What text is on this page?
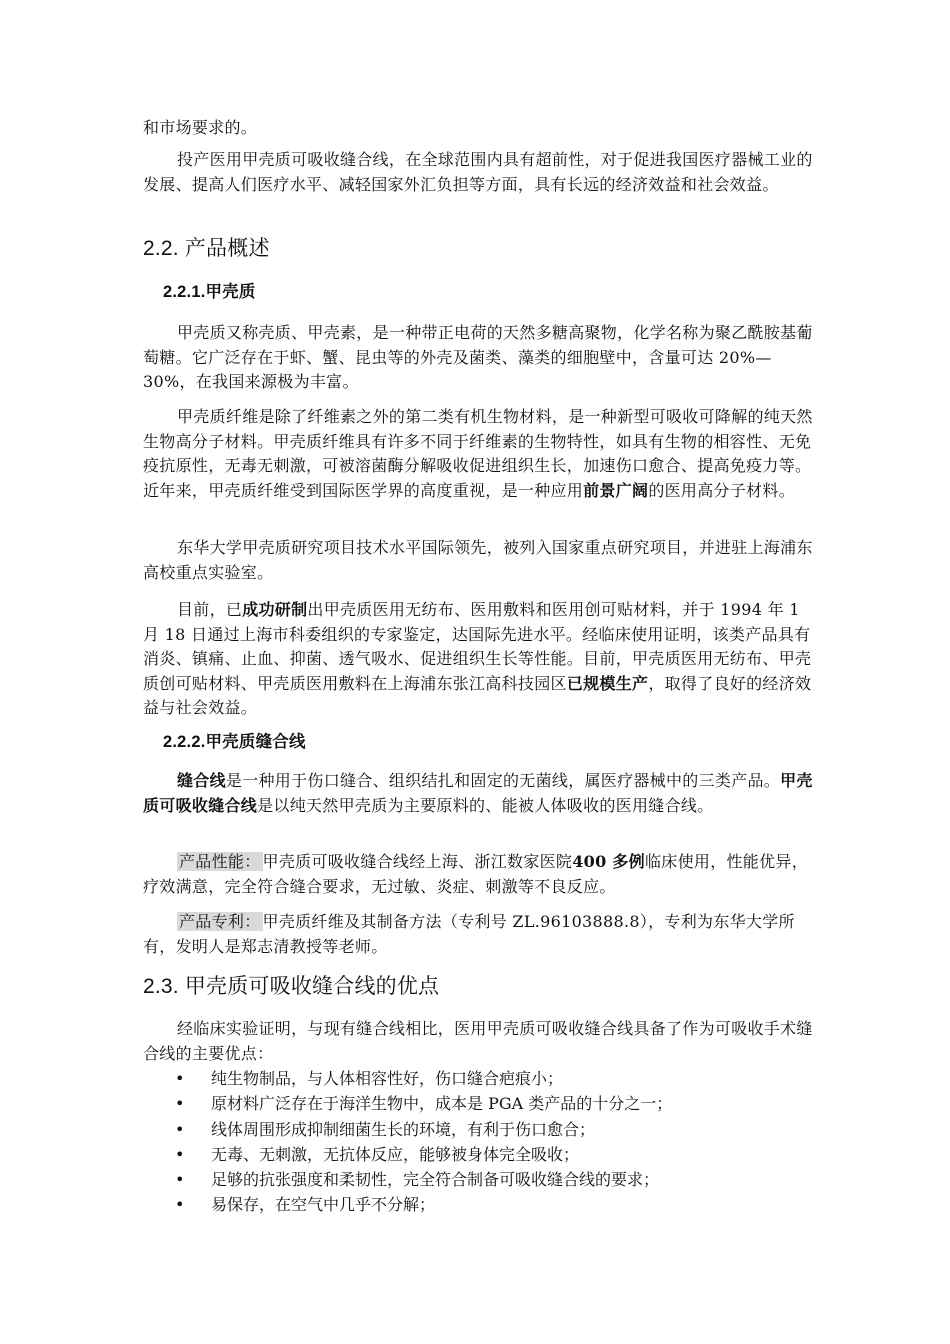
和市场要求的。

投产医用甲壳质可吸收缝合线，在全球范围内具有超前性，对于促进我国医疗器械工业的发展、提高人们医疗水平、减轻国家外汇负担等方面，具有长远的经济效益和社会效益。

2.2. 产品概述
2.2.1.甲壳质

甲壳质又称壳质、甲壳素，是一种带正电荷的天然多糖高聚物，化学名称为聚乙酰胺基葡萄糖。它广泛存在于虾、蟹、昆虫等的外壳及菌类、藻类的细胞壁中，含量可达 20%—30%，在我国来源极为丰富。

甲壳质纤维是除了纤维素之外的第二类有机生物材料，是一种新型可吸收可降解的纯天然生物高分子材料。甲壳质纤维具有许多不同于纤维素的生物特性，如具有生物的相容性、无免疫抗原性，无毒无刺激，可被溶菌酶分解吸收促进组织生长，加速伤口愈合、提高免疫力等。近年来，甲壳质纤维受到国际医学界的高度重视，是一种应用前景广阔的医用高分子材料。

东华大学甲壳质研究项目技术水平国际领先，被列入国家重点研究项目，并进驻上海浦东高校重点实验室。

目前，已成功研制出甲壳质医用无纺布、医用敷料和医用创可贴材料，并于 1994 年 1 月 18 日通过上海市科委组织的专家鉴定，达国际先进水平。经临床使用证明，该类产品具有消炎、镇痛、止血、抑菌、透气吸水、促进组织生长等性能。目前，甲壳质医用无纺布、甲壳质创可贴材料、甲壳质医用敷料在上海浦东张江高科技园区已规模生产，取得了良好的经济效益与社会效益。

2.2.2.甲壳质缝合线

缝合线是一种用于伤口缝合、组织结扎和固定的无菌线，属医疗器械中的三类产品。甲壳质可吸收缝合线是以纯天然甲壳质为主要原料的、能被人体吸收的医用缝合线。

产品性能： 甲壳质可吸收缝合线经上海、浙江数家医院400 多例临床使用，性能优异，疗效满意，完全符合缝合要求，无过敏、炎症、刺激等不良反应。

产品专利： 甲壳质纤维及其制备方法（专利号 ZL.96103888.8），专利为东华大学所有，发明人是郑志清教授等老师。

2.3. 甲壳质可吸收缝合线的优点

经临床实验证明，与现有缝合线相比，医用甲壳质可吸收缝合线具备了作为可吸收手术缝合线的主要优点：

• 纯生物制品，与人体相容性好，伤口缝合疤痕小；
• 原材料广泛存在于海洋生物中，成本是 PGA 类产品的十分之一；
• 线体周围形成抑制细菌生长的环境，有利于伤口愈合；
• 无毒、无刺激，无抗体反应，能够被身体完全吸收；
• 足够的抗张强度和柔韧性，完全符合制备可吸收缝合线的要求；
• 易保存，在空气中几乎不分解；
